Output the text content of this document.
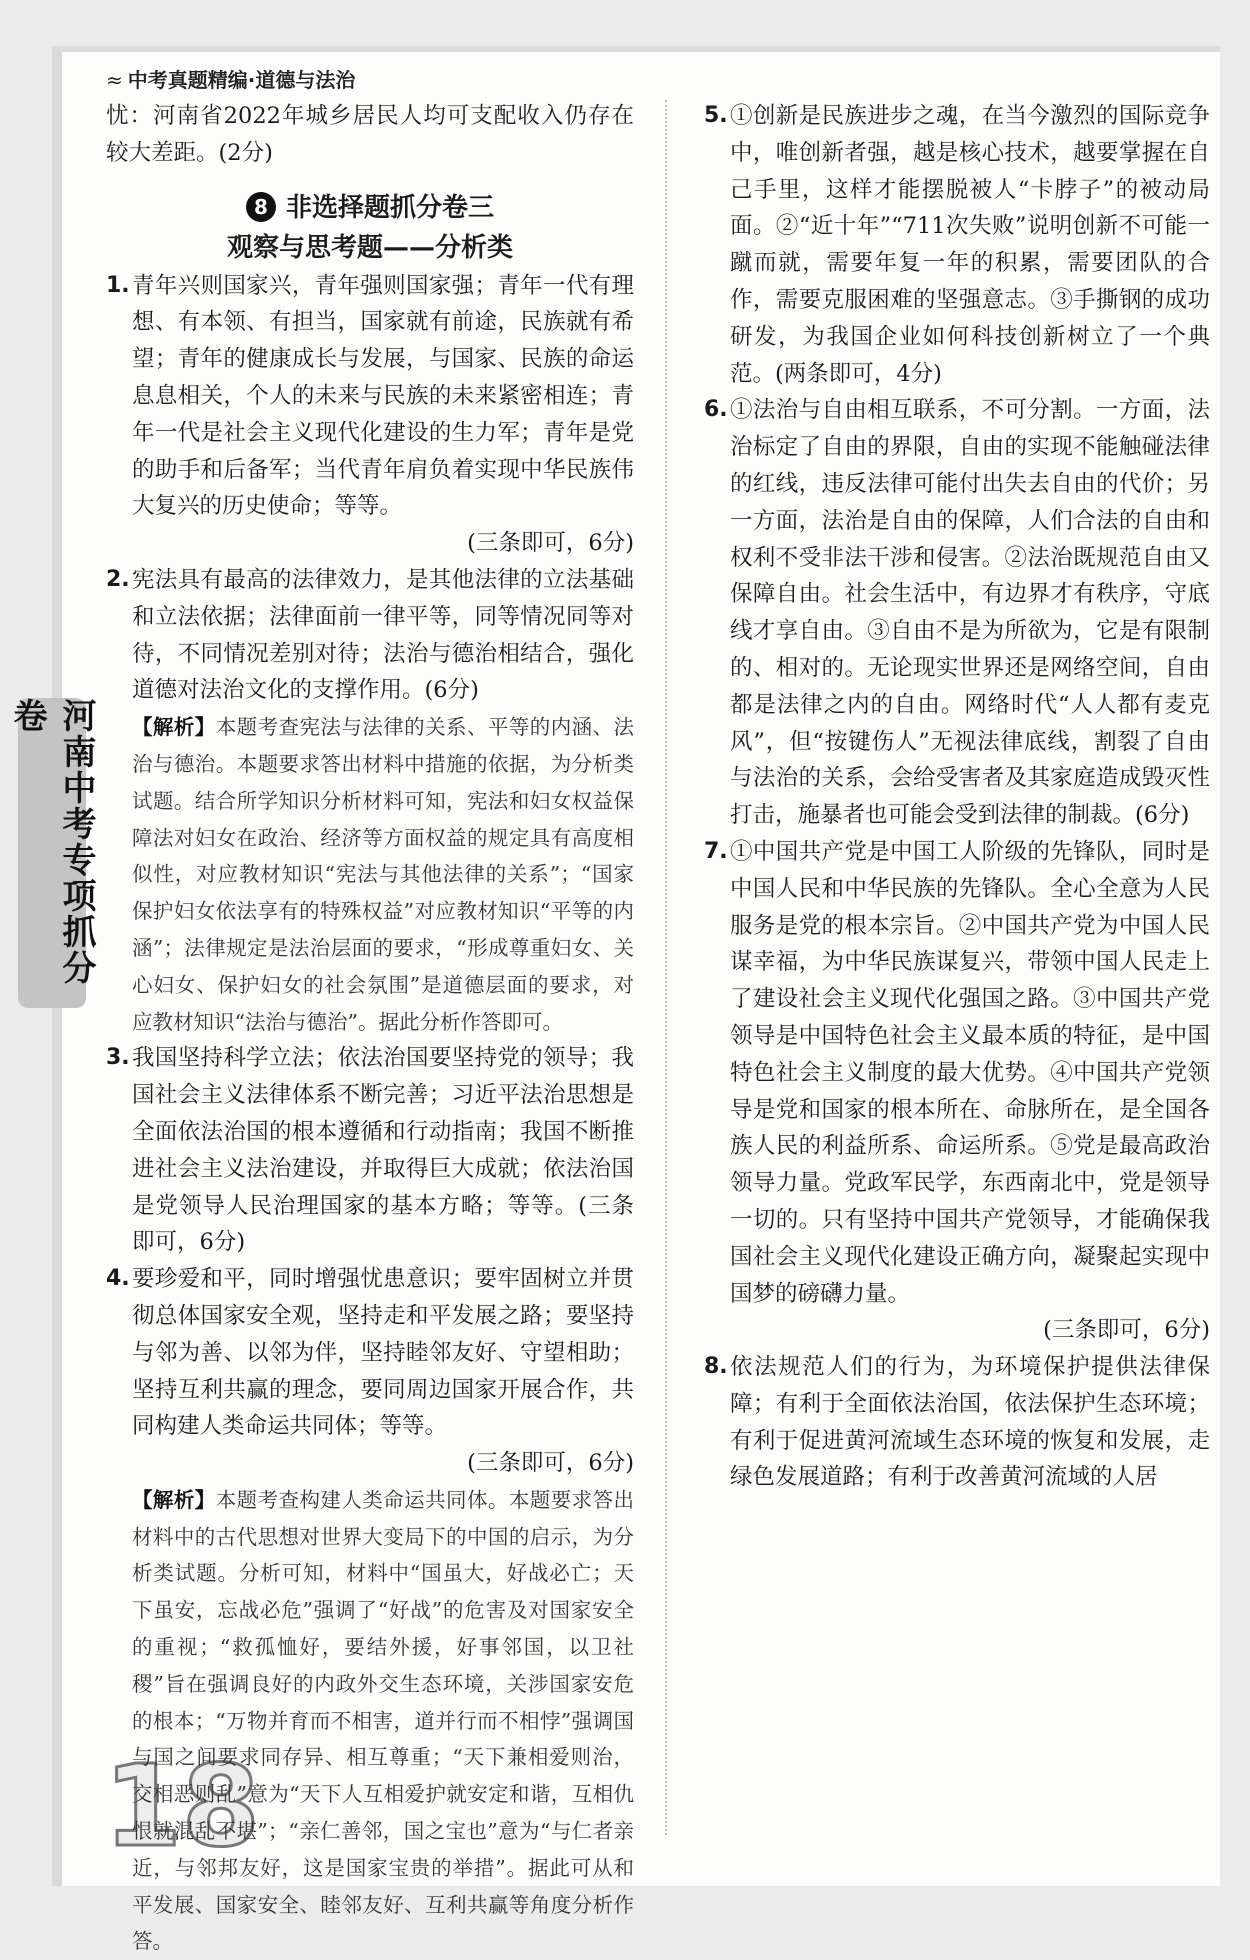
≈ 中考真题精编·道德与法治
河南中考专项抓分卷
18

忧：河南省2022年城乡居民人均可支配收入仍存在较大差距。(2分)

8 非选择题抓分卷三
观察与思考题——分析类
1. 青年兴则国家兴，青年强则国家强；青年一代有理想、有本领、有担当，国家就有前途，民族就有希望；青年的健康成长与发展，与国家、民族的命运息息相关，个人的未来与民族的未来紧密相连；青年一代是社会主义现代化建设的生力军；青年是党的助手和后备军；当代青年肩负着实现中华民族伟大复兴的历史使命；等等。

(三条即可，6分)

2. 宪法具有最高的法律效力，是其他法律的立法基础和立法依据；法律面前一律平等，同等情况同等对待，不同情况差别对待；法治与德治相结合，强化道德对法治文化的支撑作用。(6分)

【解析】本题考查宪法与法律的关系、平等的内涵、法治与德治。本题要求答出材料中措施的依据，为分析类试题。结合所学知识分析材料可知，宪法和妇女权益保障法对妇女在政治、经济等方面权益的规定具有高度相似性，对应教材知识“宪法与其他法律的关系”；“国家保护妇女依法享有的特殊权益”对应教材知识“平等的内涵”；法律规定是法治层面的要求，“形成尊重妇女、关心妇女、保护妇女的社会氛围”是道德层面的要求，对应教材知识“法治与德治”。据此分析作答即可。

3. 我国坚持科学立法；依法治国要坚持党的领导；我国社会主义法律体系不断完善；习近平法治思想是全面依法治国的根本遵循和行动指南；我国不断推进社会主义法治建设，并取得巨大成就；依法治国是党领导人民治理国家的基本方略；等等。(三条即可，6分)

4. 要珍爱和平，同时增强忧患意识；要牢固树立并贯彻总体国家安全观，坚持走和平发展之路；要坚持与邻为善、以邻为伴，坚持睦邻友好、守望相助；坚持互利共赢的理念，要同周边国家开展合作，共同构建人类命运共同体；等等。

(三条即可，6分)

【解析】本题考查构建人类命运共同体。本题要求答出材料中的古代思想对世界大变局下的中国的启示，为分析类试题。分析可知，材料中“国虽大，好战必亡；天下虽安，忘战必危”强调了“好战”的危害及对国家安全的重视；“救孤恤好，要结外援，好事邻国，以卫社稷”旨在强调良好的内政外交生态环境，关涉国家安危的根本；“万物并育而不相害，道并行而不相悖”强调国与国之间要求同存异、相互尊重；“天下兼相爱则治，交相恶则乱”意为“天下人互相爱护就安定和谐，互相仇恨就混乱不堪”；“亲仁善邻，国之宝也”意为“与仁者亲近，与邻邦友好，这是国家宝贵的举措”。据此可从和平发展、国家安全、睦邻友好、互利共赢等角度分析作答。

5. ①创新是民族进步之魂，在当今激烈的国际竞争中，唯创新者强，越是核心技术，越要掌握在自己手里，这样才能摆脱被人“卡脖子”的被动局面。②“近十年”“711次失败”说明创新不可能一蹴而就，需要年复一年的积累，需要团队的合作，需要克服困难的坚强意志。③手撕钢的成功研发，为我国企业如何科技创新树立了一个典范。(两条即可，4分)

6. ①法治与自由相互联系，不可分割。一方面，法治标定了自由的界限，自由的实现不能触碰法律的红线，违反法律可能付出失去自由的代价；另一方面，法治是自由的保障，人们合法的自由和权利不受非法干涉和侵害。②法治既规范自由又保障自由。社会生活中，有边界才有秩序，守底线才享自由。③自由不是为所欲为，它是有限制的、相对的。无论现实世界还是网络空间，自由都是法律之内的自由。网络时代“人人都有麦克风”，但“按键伤人”无视法律底线，割裂了自由与法治的关系，会给受害者及其家庭造成毁灭性打击，施暴者也可能会受到法律的制裁。(6分)

7. ①中国共产党是中国工人阶级的先锋队，同时是中国人民和中华民族的先锋队。全心全意为人民服务是党的根本宗旨。②中国共产党为中国人民谋幸福，为中华民族谋复兴，带领中国人民走上了建设社会主义现代化强国之路。③中国共产党领导是中国特色社会主义最本质的特征，是中国特色社会主义制度的最大优势。④中国共产党领导是党和国家的根本所在、命脉所在，是全国各族人民的利益所系、命运所系。⑤党是最高政治领导力量。党政军民学，东西南北中，党是领导一切的。只有坚持中国共产党领导，才能确保我国社会主义现代化建设正确方向，凝聚起实现中国梦的磅礴力量。

(三条即可，6分)

8. 依法规范人们的行为，为环境保护提供法律保障；有利于全面依法治国，依法保护生态环境；有利于促进黄河流域生态环境的恢复和发展，走绿色发展道路；有利于改善黄河流域的人居
